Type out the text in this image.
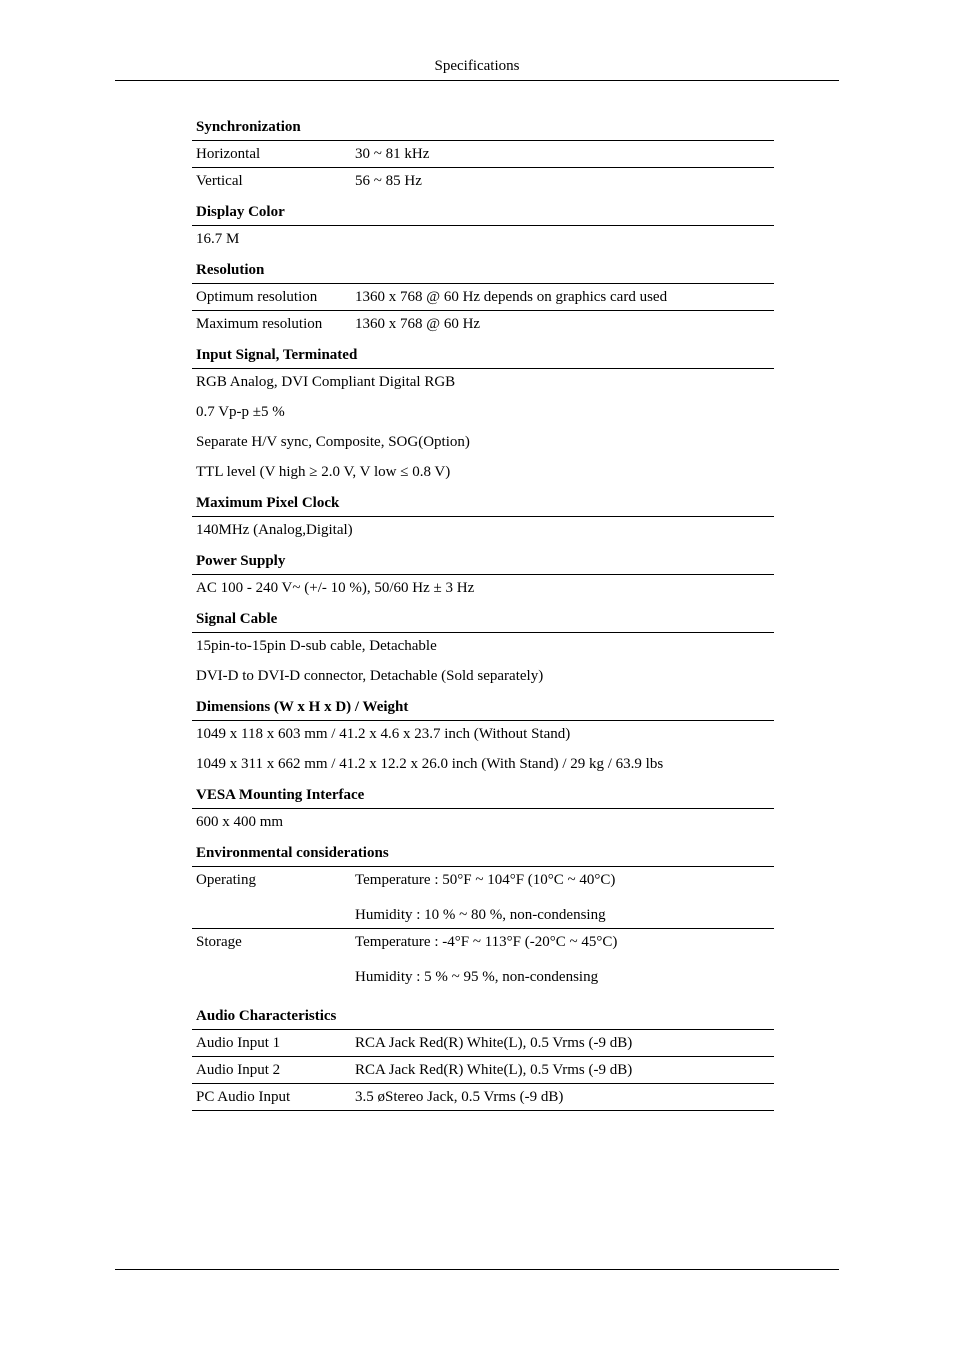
Specifications
Synchronization
Horizontal	30 ~ 81 kHz
Vertical	56 ~ 85 Hz
Display Color
16.7 M
Resolution
Optimum resolution	1360 x 768 @ 60 Hz depends on graphics card used
Maximum resolution	1360 x 768 @ 60 Hz
Input Signal, Terminated
RGB Analog, DVI Compliant Digital RGB
0.7 Vp-p ±5 %
Separate H/V sync, Composite, SOG(Option)
TTL level (V high ≥ 2.0 V, V low ≤ 0.8 V)
Maximum Pixel Clock
140MHz (Analog,Digital)
Power Supply
AC 100 - 240 V~ (+/- 10 %), 50/60 Hz ± 3 Hz
Signal Cable
15pin-to-15pin D-sub cable, Detachable
DVI-D to DVI-D connector, Detachable (Sold separately)
Dimensions (W x H x D) / Weight
1049 x 118 x 603 mm / 41.2 x 4.6 x 23.7 inch (Without Stand)
1049 x 311 x 662 mm / 41.2 x 12.2 x 26.0 inch (With Stand) / 29 kg / 63.9 lbs
VESA Mounting Interface
600 x 400 mm
Environmental considerations
Operating	Temperature : 50°F ~ 104°F (10°C ~ 40°C)
Humidity : 10 % ~ 80 %, non-condensing
Storage	Temperature : -4°F ~ 113°F (-20°C ~ 45°C)
Humidity : 5 % ~ 95 %, non-condensing
Audio Characteristics
Audio Input 1	RCA Jack Red(R) White(L), 0.5 Vrms (-9 dB)
Audio Input 2	RCA Jack Red(R) White(L), 0.5 Vrms (-9 dB)
PC Audio Input	3.5 øStereo Jack, 0.5 Vrms (-9 dB)
